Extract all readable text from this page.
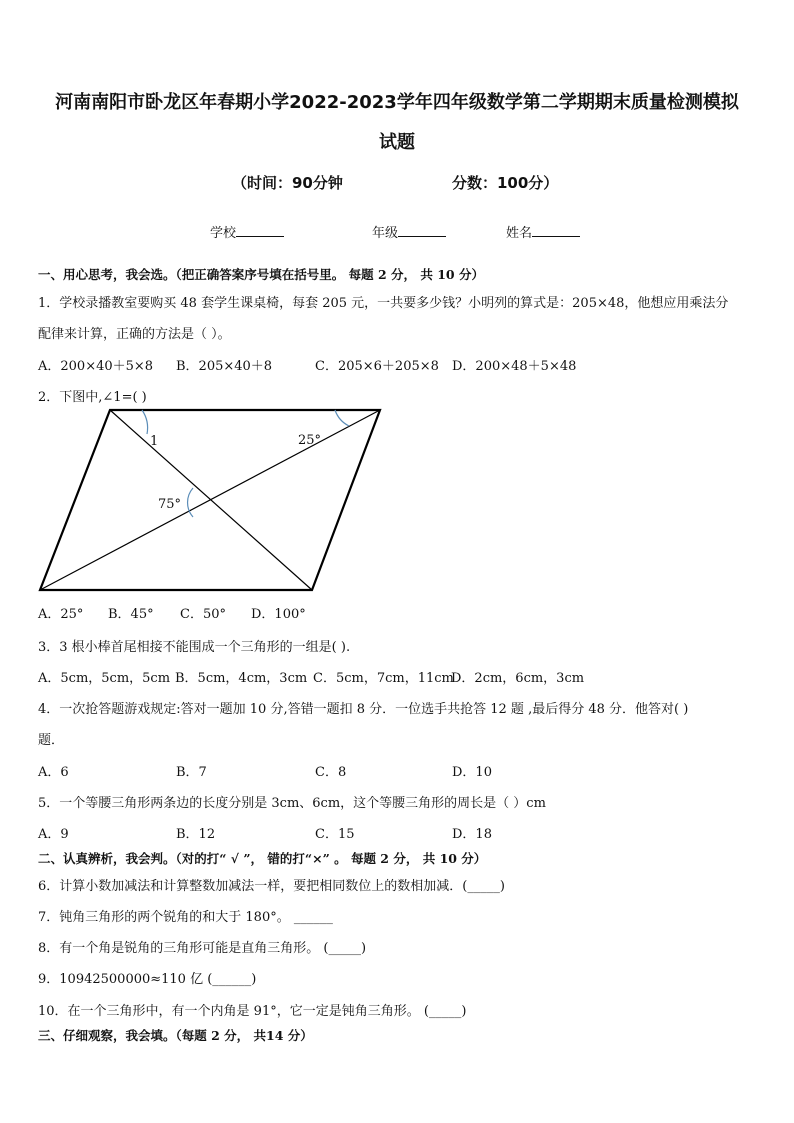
河南南阳市卧龙区年春期小学2022-2023学年四年级数学第二学期期末质量检测模拟
试题
（时间：90分钟	分数：100分）
学校	年级	姓名
一、用心思考，我会选。（把正确答案序号填在括号里。 每题 2 分， 共 10 分）
1．学校录播教室要购买 48 套学生课桌椅，每套 205 元，一共要多少钱？小明列的算式是：205×48，他想应用乘法分
配律来计算，正确的方法是（ ）。
A．200×40＋5×8 B．205×40＋8	C．205×6＋205×8 D．200×48＋5×48
2．下图中,∠1=( )
1	25°
75°
A．25° B．45° C．50° D．100°
3．3 根小棒首尾相接不能围成一个三角形的一组是( ).
A．5cm，5cm，5cm B．5cm，4cm，3cm C．5cm，7cm，11cm
D．2cm，6cm，3cm
4．一次抢答题游戏规定:答对一题加 10 分,答错一题扣 8 分．一位选手共抢答 12 题 ,最后得分 48 分．他答对( )
题．
A．6	B．7	C．8	D．10
5．一个等腰三角形两条边的长度分别是 3cm、6cm，这个等腰三角形的周长是（ ）cm
A．9	B．12	C．15	D．18
二、认真辨析，我会判。（对的打“ √ ”， 错的打“×” 。 每题 2 分， 共 10 分）
6．计算小数加减法和计算整数加减法一样，要把相同数位上的数相加减．(_____)
7．钝角三角形的两个锐角的和大于 180°。 ______
8．有一个角是锐角的三角形可能是直角三角形。 (_____)
9．10942500000≈110 亿 (______)
10．在一个三角形中，有一个内角是 91°，它一定是钝角三角形。 (_____)
三、仔细观察，我会填。（每题 2 分， 共14 分）
